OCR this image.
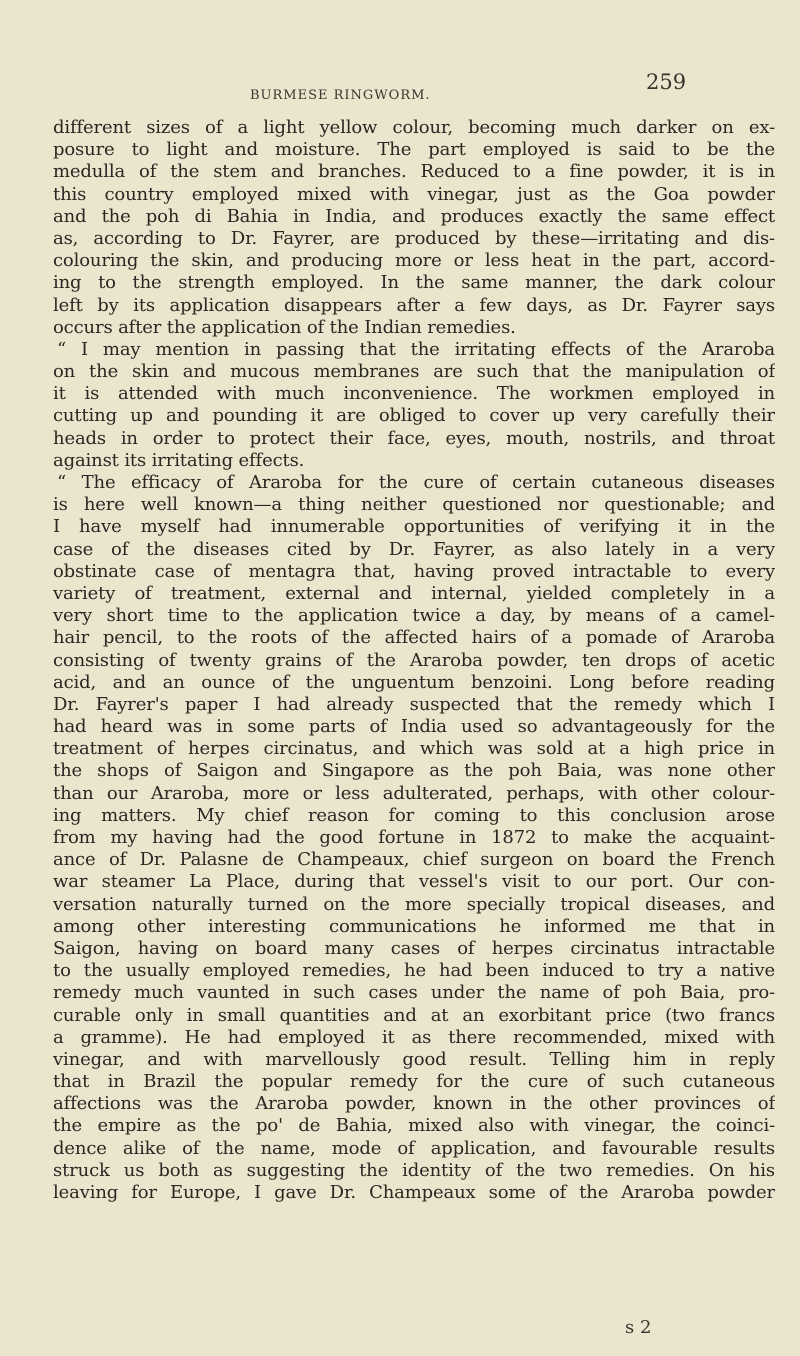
BURMESE RINGWORM.
259
different sizes of a light yellow colour, becoming much darker on ex-
posure to light and moisture. The part employed is said to be the
medulla of the stem and branches. Reduced to a fine powder, it is in
this country employed mixed with vinegar, just as the Goa powder
and the poh di Bahia in India, and produces exactly the same effect
as, according to Dr. Fayrer, are produced by these—irritating and dis-
colouring the skin, and producing more or less heat in the part, accord-
ing to the strength employed. In the same manner, the dark colour
left by its application disappears after a few days, as Dr. Fayrer says
occurs after the application of the Indian remedies.
“ I may mention in passing that the irritating effects of the Araroba
on the skin and mucous membranes are such that the manipulation of
it is attended with much inconvenience. The workmen employed in
cutting up and pounding it are obliged to cover up very carefully their
heads in order to protect their face, eyes, mouth, nostrils, and throat
against its irritating effects.
“ The efficacy of Araroba for the cure of certain cutaneous diseases
is here well known—a thing neither questioned nor questionable; and
I have myself had innumerable opportunities of verifying it in the
case of the diseases cited by Dr. Fayrer, as also lately in a very
obstinate case of mentagra that, having proved intractable to every
variety of treatment, external and internal, yielded completely in a
very short time to the application twice a day, by means of a camel-
hair pencil, to the roots of the affected hairs of a pomade of Araroba
consisting of twenty grains of the Araroba powder, ten drops of acetic
acid, and an ounce of the unguentum benzoini. Long before reading
Dr. Fayrer's paper I had already suspected that the remedy which I
had heard was in some parts of India used so advantageously for the
treatment of herpes circinatus, and which was sold at a high price in
the shops of Saigon and Singapore as the poh Baia, was none other
than our Araroba, more or less adulterated, perhaps, with other colour-
ing matters. My chief reason for coming to this conclusion arose
from my having had the good fortune in 1872 to make the acquaint-
ance of Dr. Palasne de Champeaux, chief surgeon on board the French
war steamer La Place, during that vessel's visit to our port. Our con-
versation naturally turned on the more specially tropical diseases, and
among other interesting communications he informed me that in
Saigon, having on board many cases of herpes circinatus intractable
to the usually employed remedies, he had been induced to try a native
remedy much vaunted in such cases under the name of poh Baia, pro-
curable only in small quantities and at an exorbitant price (two francs
a gramme). He had employed it as there recommended, mixed with
vinegar, and with marvellously good result. Telling him in reply
that in Brazil the popular remedy for the cure of such cutaneous
affections was the Araroba powder, known in the other provinces of
the empire as the po' de Bahia, mixed also with vinegar, the coinci-
dence alike of the name, mode of application, and favourable results
struck us both as suggesting the identity of the two remedies. On his
leaving for Europe, I gave Dr. Champeaux some of the Araroba powder
s 2
